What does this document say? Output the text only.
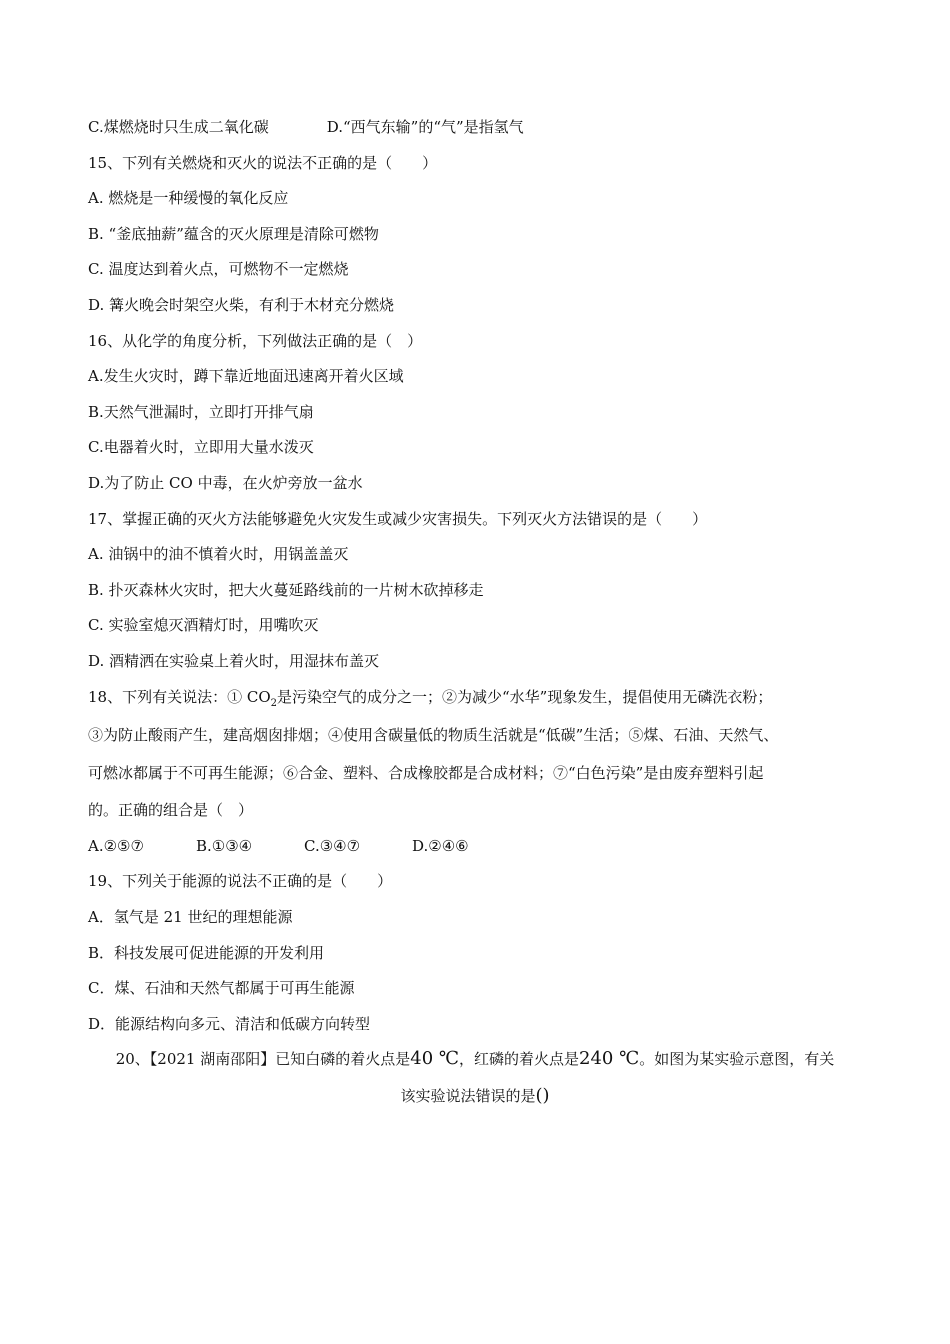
C.煤燃烧时只生成二氧化碳	D.“西气东输”的“气”是指氢气
15、下列有关燃烧和灭火的说法不正确的是（　　）
A. 燃烧是一种缓慢的氧化反应
B. “釜底抽薪”蕴含的灭火原理是清除可燃物
C. 温度达到着火点，可燃物不一定燃烧
D. 篝火晚会时架空火柴，有利于木材充分燃烧
16、从化学的角度分析，下列做法正确的是（　）
A.发生火灾时，蹲下靠近地面迅速离开着火区域
B.天然气泄漏时，立即打开排气扇
C.电器着火时，立即用大量水泼灭
D.为了防止 CO 中毒，在火炉旁放一盆水
17、掌握正确的灭火方法能够避免火灾发生或减少灾害损失。下列灭火方法错误的是（　　）
A. 油锅中的油不慎着火时，用锅盖盖灭
B. 扑灭森林火灾时，把大火蔓延路线前的一片树木砍掉移走
C. 实验室熄灭酒精灯时，用嘴吹灭
D. 酒精洒在实验桌上着火时，用湿抹布盖灭
18、下列有关说法：① $CO_2$是污染空气的成分之一；②为减少“水华”现象发生，提倡使用无磷洗衣粉；
③为防止酸雨产生，建高烟囱排烟；④使用含碳量低的物质生活就是“低碳”生活；⑤煤、石油、天然气、
可燃冰都属于不可再生能源；⑥合金、塑料、合成橡胶都是合成材料；⑦“白色污染”是由废弃塑料引起
的。正确的组合是（　）
A.②⑤⑦	B.①③④	C.③④⑦	D.②④⑥
19、下列关于能源的说法不正确的是（　　）
A．氢气是 21 世纪的理想能源
B．科技发展可促进能源的开发利用
C．煤、石油和天然气都属于可再生能源
D．能源结构向多元、清洁和低碳方向转型
20、【2021 湖南邵阳】已知白磷的着火点是40 ℃，红磷的着火点是240 ℃。如图为某实验示意图，有关
该实验说法错误的是()
